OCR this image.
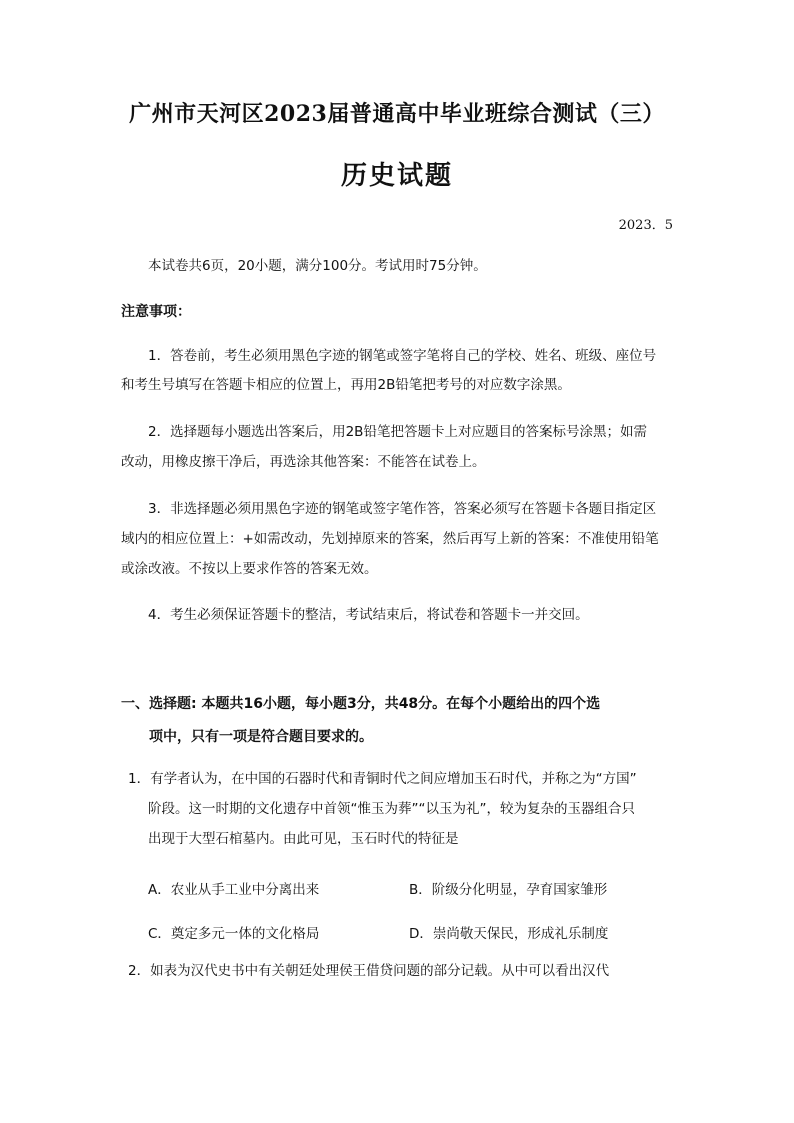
广州市天河区2023届普通高中毕业班综合测试（三）
历史试题
2023．5
本试卷共6页，20小题，满分100分。考试用时75分钟。
注意事项：
1．答卷前，考生必须用黑色字迹的钢笔或签字笔将自己的学校、姓名、班级、座位号
和考生号填写在答题卡相应的位置上，再用2B铅笔把考号的对应数字涂黑。
2．选择题每小题选出答案后，用2B铅笔把答题卡上对应题目的答案标号涂黑；如需
改动，用橡皮擦干净后，再选涂其他答案：不能答在试卷上。
3．非选择题必须用黑色字迹的钢笔或签字笔作答，答案必须写在答题卡各题目指定区
域内的相应位置上：+如需改动，先划掉原来的答案，然后再写上新的答案：不准使用铅笔
或涂改液。不按以上要求作答的答案无效。
4．考生必须保证答题卡的整洁，考试结束后，将试卷和答题卡一并交回。
一、选择题: 本题共16小题，每小题3分，共48分。在每个小题给出的四个选
项中，只有一项是符合题目要求的。
1．有学者认为，在中国的石器时代和青铜时代之间应增加玉石时代，并称之为“方国”
阶段。这一时期的文化遗存中首领“惟玉为葬”“以玉为礼”，较为复杂的玉器组合只
出现于大型石棺墓内。由此可见，玉石时代的特征是
A．农业从手工业中分离出来	B．阶级分化明显，孕育国家雏形
C．奠定多元一体的文化格局	D．崇尚敬天保民，形成礼乐制度
2．如表为汉代史书中有关朝廷处理侯王借贷问题的部分记载。从中可以看出汉代
